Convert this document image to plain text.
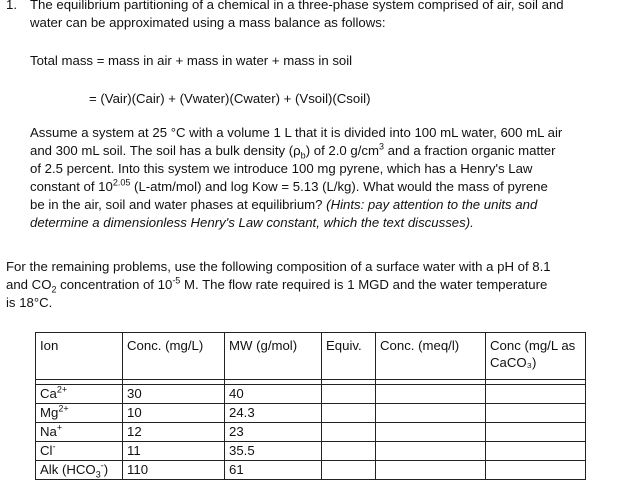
1. The equilibrium partitioning of a chemical in a three-phase system comprised of air, soil and
water can be approximated using a mass balance as follows:
Total mass = mass in air + mass in water + mass in soil
= (Vair)(Cair) + (Vwater)(Cwater) + (Vsoil)(Csoil)
Assume a system at 25 °C with a volume 1 L that it is divided into 100 mL water, 600 mL air
and 300 mL soil. The soil has a bulk density $(\rho_b)$ of 2.0 $g/cm^3$ and a fraction organic matter
of 2.5 percent. Into this system we introduce 100 mg pyrene, which has a Henry's Law
constant of $10^{2.05}$ (L-atm/mol) and log Kow = 5.13 (L/kg). What would the mass of pyrene
be in the air, soil and water phases at equilibrium? (Hints: pay attention to the units and
determine a dimensionless Henry's Law constant, which the text discusses).
For the remaining problems, use the following composition of a surface water with a pH of 8.1
and $CO_2$ concentration of $10^{-5}$ M. The flow rate required is 1 MGD and the water temperature
is 18°C.
Ion	Conc. (mg/L)	MW (g/mol)	Equiv.	Conc. (meq/l)	Conc (mg/L as
CaCO₃)

$Ca^{2+}$	30	40			
$Mg^{2+}$	10	24.3			
Na+	12	23			
Cl-	11	35.5			
Alk $(HCO_3^-)$	110	61			
